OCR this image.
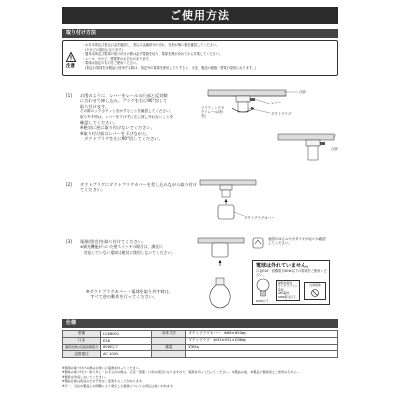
ご使用方法
取り付け方法
注意
・お灯本体及び差込口金を確認し、差込み金属部分の汚れ、変形が無い事を確認してください。
　(やけどの原因になります)
・器具本体及び電球の取り付けの際は必ず電源を切り、電球を熱が冷めてから作業してください。
・レール、やけど、感電等のおそれがあります。
・電球は指定のものをご使用ください。
　(指定の電球を本製品に使用する際は、指定外の電球を使用したりすると、火災、製品の破損・感電の原因になります。)
[1] お図のように、レバーをレールの凸部と反対側
に合わせて挿し込み、プラグを右に90°回して
取り付けます。
その際ロックカチッと音がすることを確認してください。
取り外す時は、レバーを下げずに左に回し外れないことを
確認してください。
※絶対に逆に取り付けないでください。
※取り付け前はレバーを下げながら、
　ダクトプラグを左に90°回してください。
ライティングダクトレール(別売)
レバー
凸部
ダクトプラグ
凸部
[2] ダクトプラグにダクトプラグカバーを差し込みながら取り付けてください。
ダクトプラグカバー
[3] 電球(別売)を取り付けてください。
※調光機能がついた壁スイッチの場合は、調光に
　対応していない電球は絶対に使用しないでください。
※ダクトプラグカバー・電球を取り外す時は、
　すべて逆の動作を行ってください。
表面のゆるみやガタツキがないか確認してください。
電球は外れていません。
口金E26、消費電力60W以下の電球をご使用ください。
60W以下
耐熱性電球
ミニクリプトン電球
LED電球
60W相当以下
白熱電球
仕様
型番	LCX6001	本体寸法	ダクトプラグカバー：Φ68×H50㎜
口金	E26		ダクトプラグ：W33×H51×D38㎜
適用光源の定格消費電力	60W以下	重量	約65g
定格電圧	AC 100V		
※照明の取り付けの際はお使いに電源を切ってください。
※器具の取り付け・取り外し・お手入れの際は、火災・感電・けがの原因になりますので、電源を切って行ってください。本製品の他、本製品と器具同士ご使用のために...
※器具を改造しないでください。
※製品仕様は改良のため予告なく変更することがあります。
※万一、当社の製品上の問題により発生した損害についての責任は負いかねます。
